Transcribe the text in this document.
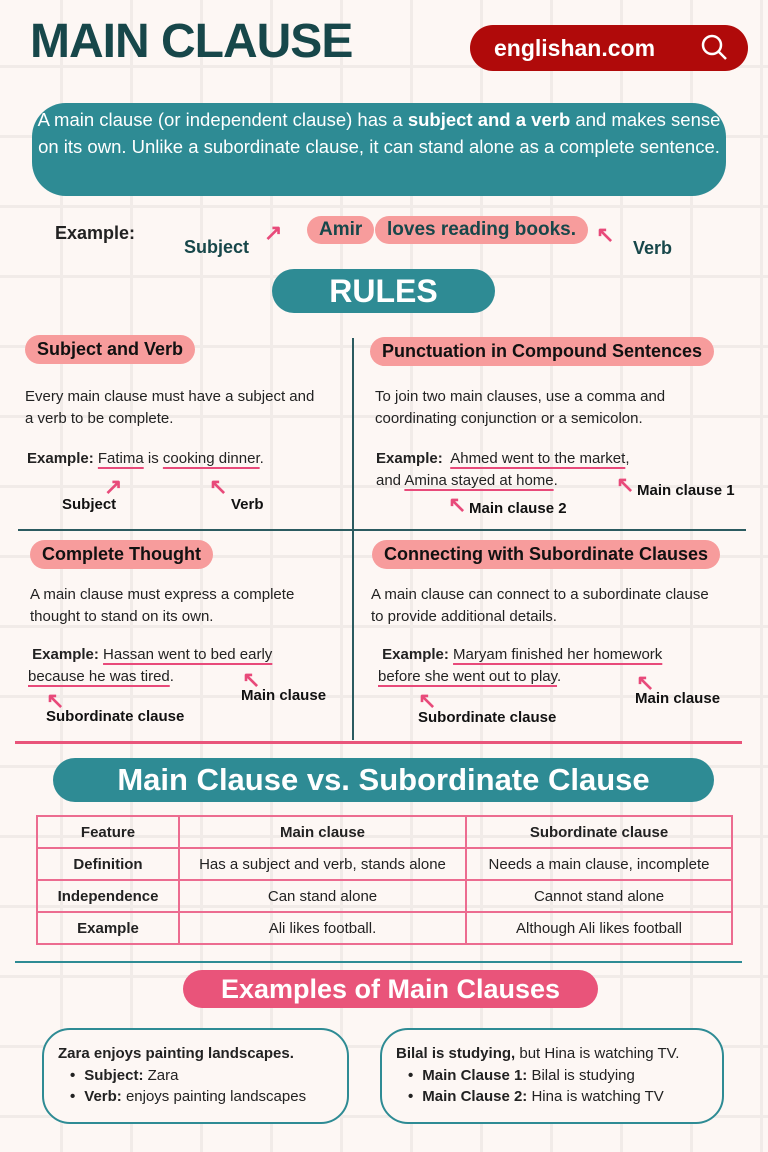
MAIN CLAUSE	englishan.com
A main clause (or independent clause) has a subject and a verb and makes sense on its own. Unlike a subordinate clause, it can stand alone as a complete sentence.
Example:
Subject
↗	Amir	loves reading books. ↖
Verb
RULES
Subject and Verb
Every main clause must have a subject and a verb to be complete.
Example: Fatima is cooking dinner.
↗	↖
Subject	Verb
Punctuation in Compound Sentences
To join two main clauses, use a comma and coordinating conjunction or a semicolon.
Example: Ahmed went to the market,
and Amina stayed at home.	↖ Main clause 1
↖ Main clause 2
Complete Thought
A main clause must express a complete thought to stand on its own.
Example: Hassan went to bed early
because he was tired.	↖
Main clause
↖
Subordinate clause
Connecting with Subordinate Clauses
A main clause can connect to a subordinate clause to provide additional details.
Example: Maryam finished her homework
before she went out to play.	↖
Main clause
↖
Subordinate clause
Main Clause vs. Subordinate Clause
Feature	Main clause	Subordinate clause
Definition	Has a subject and verb, stands alone	Needs a main clause, incomplete
Independence	Can stand alone	Cannot stand alone
Example	Ali likes football.	Although Ali likes football
Examples of Main Clauses
Zara enjoys painting landscapes.
• Subject: Zara
• Verb: enjoys painting landscapes
Bilal is studying, but Hina is watching TV.
• Main Clause 1: Bilal is studying
• Main Clause 2: Hina is watching TV
